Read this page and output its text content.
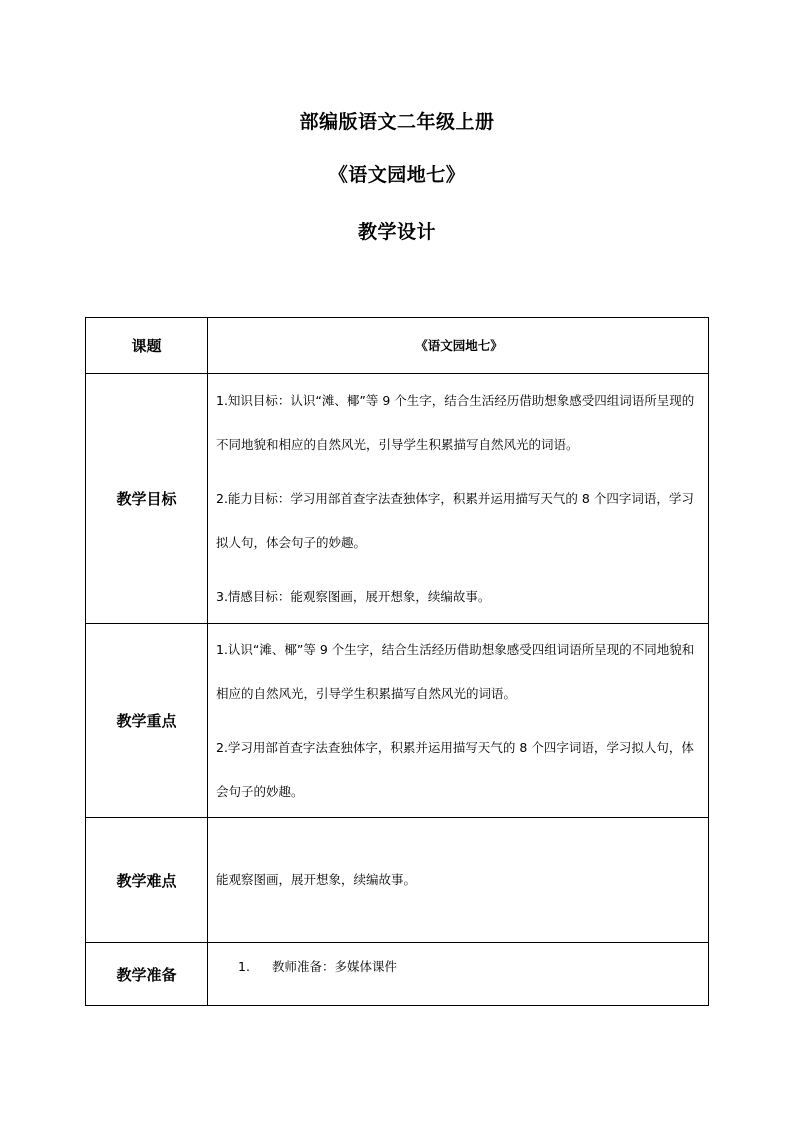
部编版语文二年级上册
《语文园地七》
教学设计
课题	《语文园地七》
教学目标	1.知识目标：认识“滩、椰”等 9 个生字，结合生活经历借助想象感受四组词语所呈现的不同地貌和相应的自然风光，引导学生积累描写自然风光的词语。

2.能力目标：学习用部首查字法查独体字，积累并运用描写天气的 8 个四字词语，学习拟人句，体会句子的妙趣。

3.情感目标：能观察图画，展开想象，续编故事。

教学重点	1.认识“滩、椰”等 9 个生字，结合生活经历借助想象感受四组词语所呈现的不同地貌和相应的自然风光，引导学生积累描写自然风光的词语。

2.学习用部首查字法查独体字，积累并运用描写天气的 8 个四字词语，学习拟人句，体会句子的妙趣。

教学难点	能观察图画，展开想象，续编故事。

教学准备	1. 教师准备：多媒体课件
